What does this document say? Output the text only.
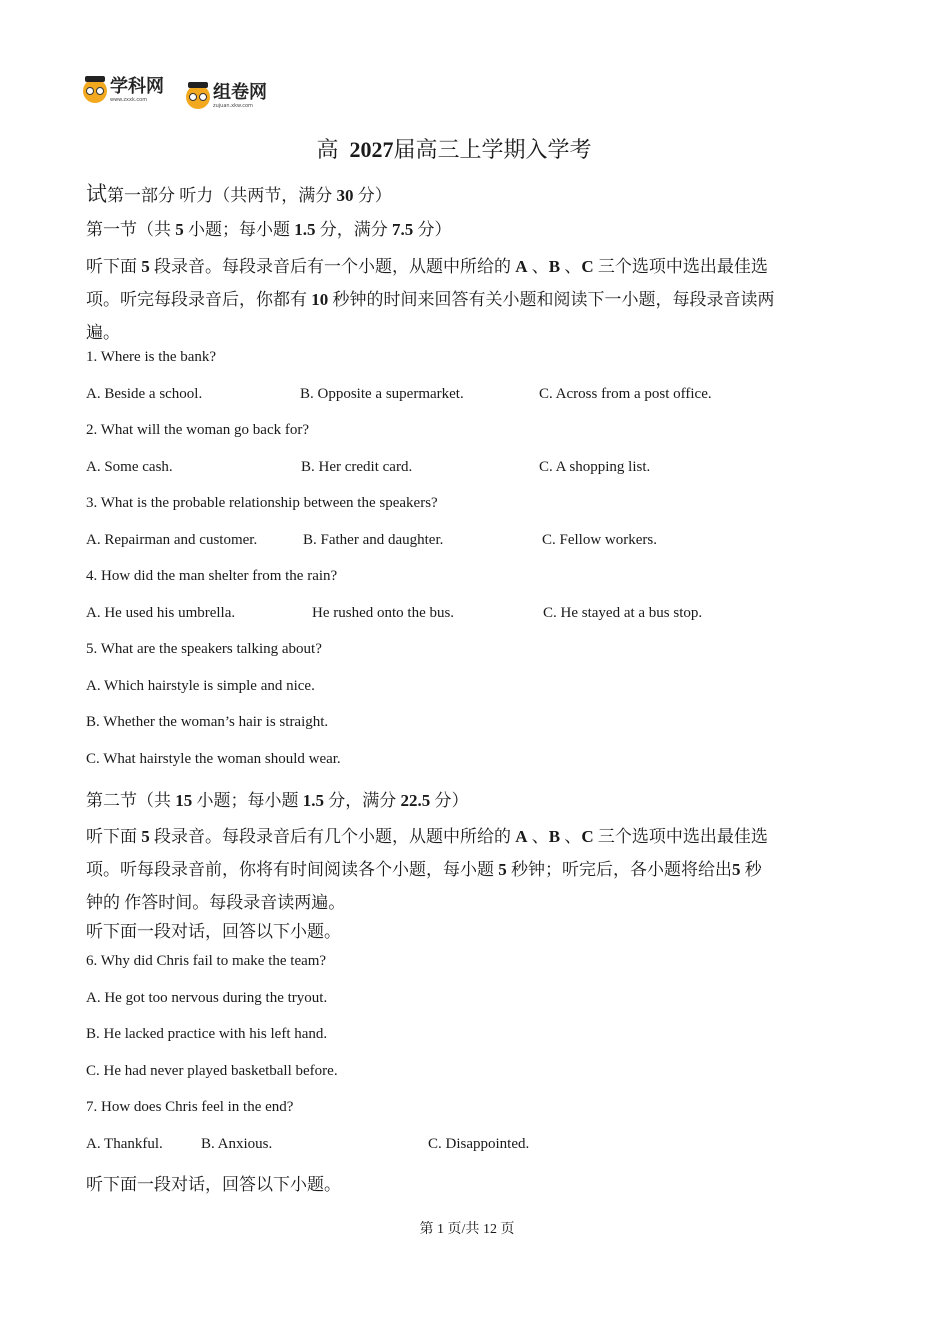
学科网
www.zxxk.com	组卷网
zujuan.xkw.com
高 2027届高三上学期入学考
试第一部分 听力（共两节，满分 30 分）
第一节（共 5 小题；每小题 1.5 分，满分 7.5 分）
听下面 5 段录音。每段录音后有一个小题，从题中所给的 A 、B 、C 三个选项中选出最佳选
项。听完每段录音后，你都有 10 秒钟的时间来回答有关小题和阅读下一小题，每段录音读两
遍。
1. Where is the bank?
A. Beside a school.	B. Opposite a supermarket.	C. Across from a post office.
2. What will the woman go back for?
A. Some cash.	B. Her credit card.	C. A shopping list.
3. What is the probable relationship between the speakers?
A. Repairman and customer.	B. Father and daughter.	C. Fellow workers.
4. How did the man shelter from the rain?
A. He used his umbrella.	He rushed onto the bus.	C. He stayed at a bus stop.
5. What are the speakers talking about?
A. Which hairstyle is simple and nice.
B. Whether the woman’s hair is straight.
C. What hairstyle the woman should wear.
第二节（共 15 小题；每小题 1.5 分，满分 22.5 分）
听下面 5 段录音。每段录音后有几个小题，从题中所给的 A 、B 、C 三个选项中选出最佳选
项。听每段录音前，你将有时间阅读各个小题，每小题 5 秒钟；听完后，各小题将给出5 秒
钟的 作答时间。每段录音读两遍。
听下面一段对话，回答以下小题。
6. Why did Chris fail to make the team?
A. He got too nervous during the tryout.
B. He lacked practice with his left hand.
C. He had never played basketball before.
7. How does Chris feel in the end?
A. Thankful.	B. Anxious.	C. Disappointed.
听下面一段对话，回答以下小题。
第 1 页/共 12 页
